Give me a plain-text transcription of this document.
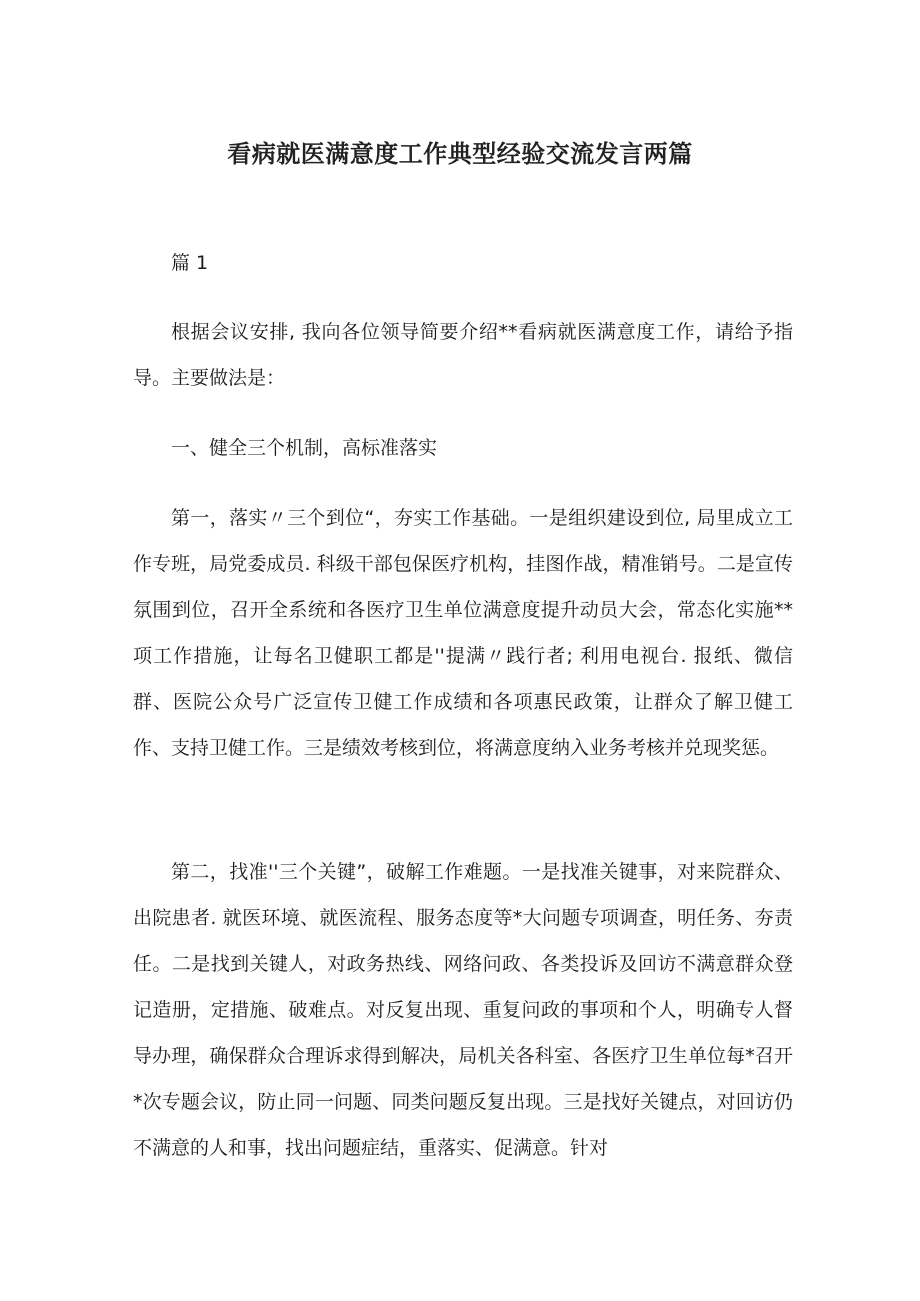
看病就医满意度工作典型经验交流发言两篇

篇 1

根据会议安排, 我向各位领导简要介绍**看病就医满意度工作，请给予指导。主要做法是：

一、健全三个机制，高标准落实

第一，落实〃三个到位“，夯实工作基础。一是组织建设到位, 局里成立工作专班，局党委成员. 科级干部包保医疗机构，挂图作战，精准销号。二是宣传氛围到位，召开全系统和各医疗卫生单位满意度提升动员大会，常态化实施**项工作措施，让每名卫健职工都是''提满〃践行者; 利用电视台. 报纸、微信群、医院公众号广泛宣传卫健工作成绩和各项惠民政策，让群众了解卫健工作、支持卫健工作。三是绩效考核到位，将满意度纳入业务考核并兑现奖惩。

第二，找准''三个关键”，破解工作难题。一是找准关键事，对来院群众、出院患者. 就医环境、就医流程、服务态度等*大问题专项调查，明任务、夯责任。二是找到关键人，对政务热线、网络问政、各类投诉及回访不满意群众登记造册，定措施、破难点。对反复出现、重复问政的事项和个人，明确专人督导办理，确保群众合理诉求得到解决，局机关各科室、各医疗卫生单位每*召开*次专题会议，防止同一问题、同类问题反复出现。三是找好关键点，对回访仍不满意的人和事，找出问题症结，重落实、促满意。针对
